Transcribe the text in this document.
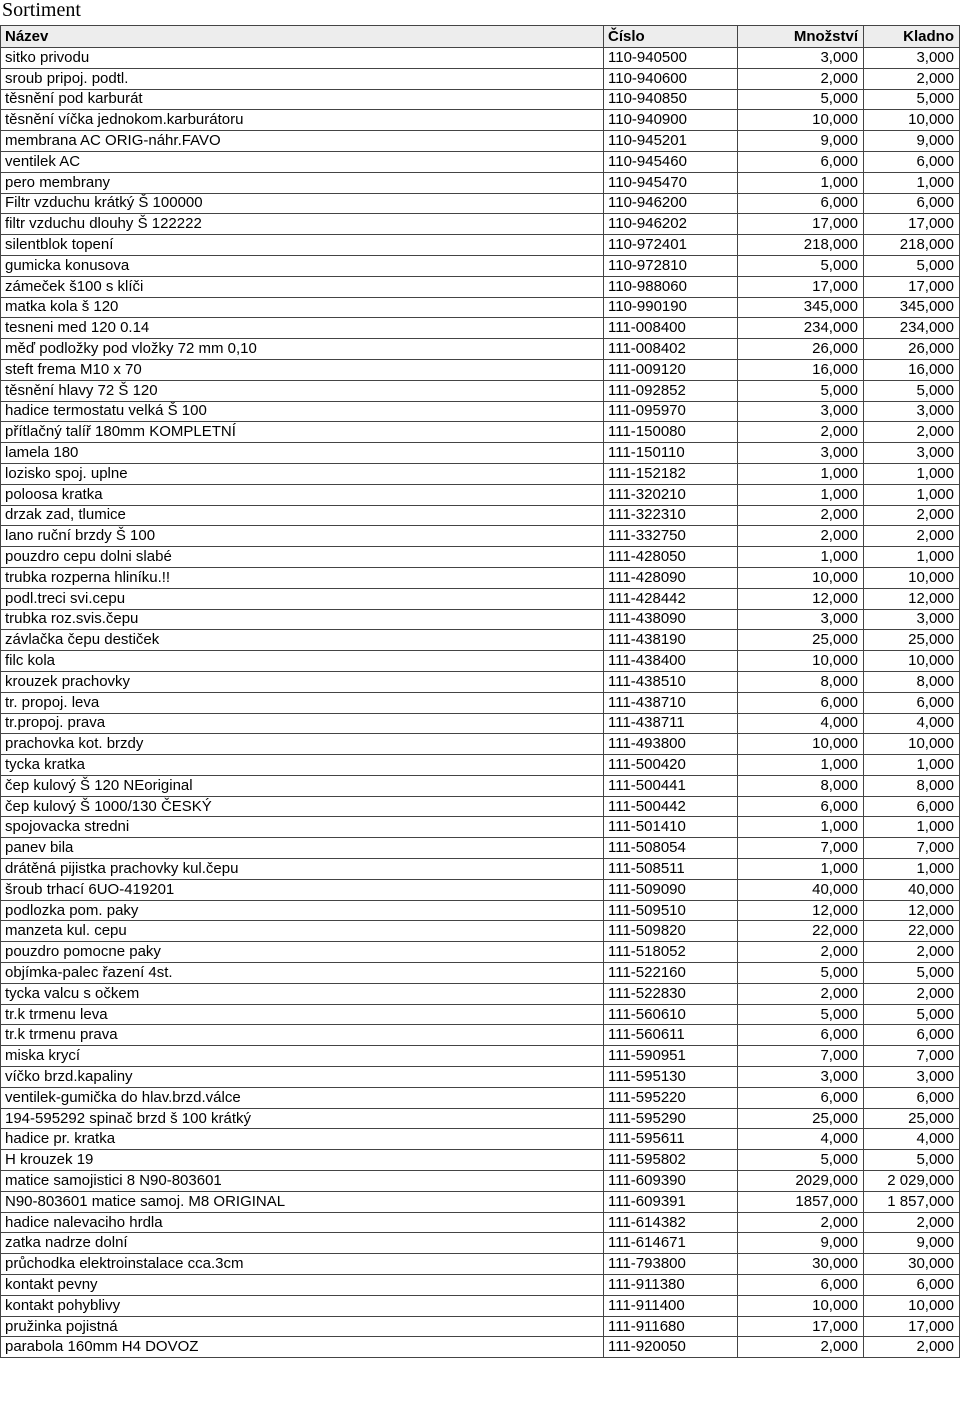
Sortiment
Název	Číslo	Množství	Kladno
sitko privodu	110-940500	3,000	3,000
sroub pripoj. podtl.	110-940600	2,000	2,000
těsnění pod karburát	110-940850	5,000	5,000
těsnění víčka jednokom.karburátoru	110-940900	10,000	10,000
membrana AC ORIG-náhr.FAVO	110-945201	9,000	9,000
ventilek AC	110-945460	6,000	6,000
pero membrany	110-945470	1,000	1,000
Filtr vzduchu krátký Š 100000	110-946200	6,000	6,000
filtr vzduchu dlouhy Š 122222	110-946202	17,000	17,000
silentblok topení	110-972401	218,000	218,000
gumicka konusova	110-972810	5,000	5,000
zámeček š100 s klíči	110-988060	17,000	17,000
matka kola š 120	110-990190	345,000	345,000
tesneni med 120 0.14	111-008400	234,000	234,000
měď podložky pod vložky 72 mm 0,10	111-008402	26,000	26,000
steft frema M10 x 70	111-009120	16,000	16,000
těsnění hlavy 72 Š 120	111-092852	5,000	5,000
hadice termostatu velká Š 100	111-095970	3,000	3,000
přítlačný talíř 180mm KOMPLETNÍ	111-150080	2,000	2,000
lamela 180	111-150110	3,000	3,000
lozisko spoj. uplne	111-152182	1,000	1,000
poloosa kratka	111-320210	1,000	1,000
drzak zad, tlumice	111-322310	2,000	2,000
lano ruční brzdy Š 100	111-332750	2,000	2,000
pouzdro cepu dolni slabé	111-428050	1,000	1,000
trubka rozperna hliníku.!!	111-428090	10,000	10,000
podl.treci svi.cepu	111-428442	12,000	12,000
trubka roz.svis.čepu	111-438090	3,000	3,000
závlačka čepu destiček	111-438190	25,000	25,000
filc kola	111-438400	10,000	10,000
krouzek prachovky	111-438510	8,000	8,000
tr. propoj. leva	111-438710	6,000	6,000
tr.propoj. prava	111-438711	4,000	4,000
prachovka kot. brzdy	111-493800	10,000	10,000
tycka kratka	111-500420	1,000	1,000
čep kulový Š 120 NEoriginal	111-500441	8,000	8,000
čep kulový Š 1000/130 ČESKÝ	111-500442	6,000	6,000
spojovacka stredni	111-501410	1,000	1,000
panev bila	111-508054	7,000	7,000
drátěná pijistka prachovky kul.čepu	111-508511	1,000	1,000
šroub trhací 6UO-419201	111-509090	40,000	40,000
podlozka pom. paky	111-509510	12,000	12,000
manzeta kul. cepu	111-509820	22,000	22,000
pouzdro pomocne paky	111-518052	2,000	2,000
objímka-palec řazení 4st.	111-522160	5,000	5,000
tycka valcu s očkem	111-522830	2,000	2,000
tr.k trmenu leva	111-560610	5,000	5,000
tr.k trmenu prava	111-560611	6,000	6,000
miska krycí	111-590951	7,000	7,000
víčko brzd.kapaliny	111-595130	3,000	3,000
ventilek-gumička do hlav.brzd.válce	111-595220	6,000	6,000
194-595292 spinač brzd š 100 krátký	111-595290	25,000	25,000
hadice pr. kratka	111-595611	4,000	4,000
H krouzek 19	111-595802	5,000	5,000
matice samojistici 8 N90-803601	111-609390	2029,000	2 029,000
N90-803601 matice samoj. M8 ORIGINAL	111-609391	1857,000	1 857,000
hadice nalevaciho hrdla	111-614382	2,000	2,000
zatka nadrze dolní	111-614671	9,000	9,000
průchodka elektroinstalace cca.3cm	111-793800	30,000	30,000
kontakt pevny	111-911380	6,000	6,000
kontakt pohyblivy	111-911400	10,000	10,000
pružinka pojistná	111-911680	17,000	17,000
parabola 160mm H4 DOVOZ	111-920050	2,000	2,000
